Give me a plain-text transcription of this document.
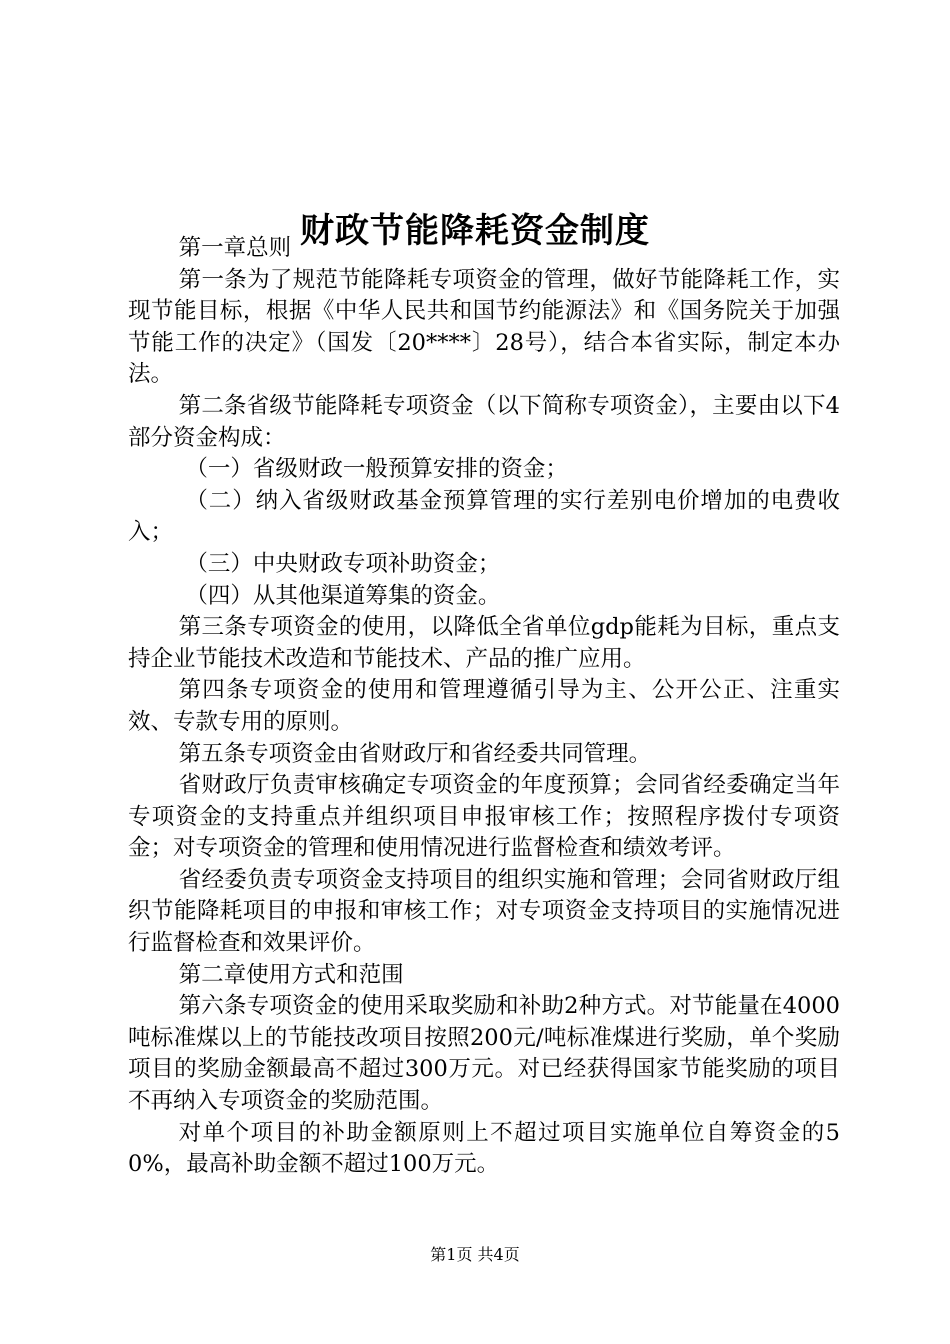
财政节能降耗资金制度

第一章总则

第一条为了规范节能降耗专项资金的管理，做好节能降耗工作，实现节能目标，根据《中华人民共和国节约能源法》和《国务院关于加强节能工作的决定》（国发〔20****〕28号），结合本省实际，制定本办法。

第二条省级节能降耗专项资金（以下简称专项资金），主要由以下4部分资金构成：

（一）省级财政一般预算安排的资金；

（二）纳入省级财政基金预算管理的实行差别电价增加的电费收入；

（三）中央财政专项补助资金；

（四）从其他渠道筹集的资金。

第三条专项资金的使用，以降低全省单位gdp能耗为目标，重点支持企业节能技术改造和节能技术、产品的推广应用。

第四条专项资金的使用和管理遵循引导为主、公开公正、注重实效、专款专用的原则。

第五条专项资金由省财政厅和省经委共同管理。

省财政厅负责审核确定专项资金的年度预算；会同省经委确定当年专项资金的支持重点并组织项目申报审核工作；按照程序拨付专项资金；对专项资金的管理和使用情况进行监督检查和绩效考评。

省经委负责专项资金支持项目的组织实施和管理；会同省财政厅组织节能降耗项目的申报和审核工作；对专项资金支持项目的实施情况进行监督检查和效果评价。

第二章使用方式和范围

第六条专项资金的使用采取奖励和补助2种方式。对节能量在4000吨标准煤以上的节能技改项目按照200元/吨标准煤进行奖励，单个奖励项目的奖励金额最高不超过300万元。对已经获得国家节能奖励的项目不再纳入专项资金的奖励范围。

对单个项目的补助金额原则上不超过项目实施单位自筹资金的50%，最高补助金额不超过100万元。

第1页 共4页
